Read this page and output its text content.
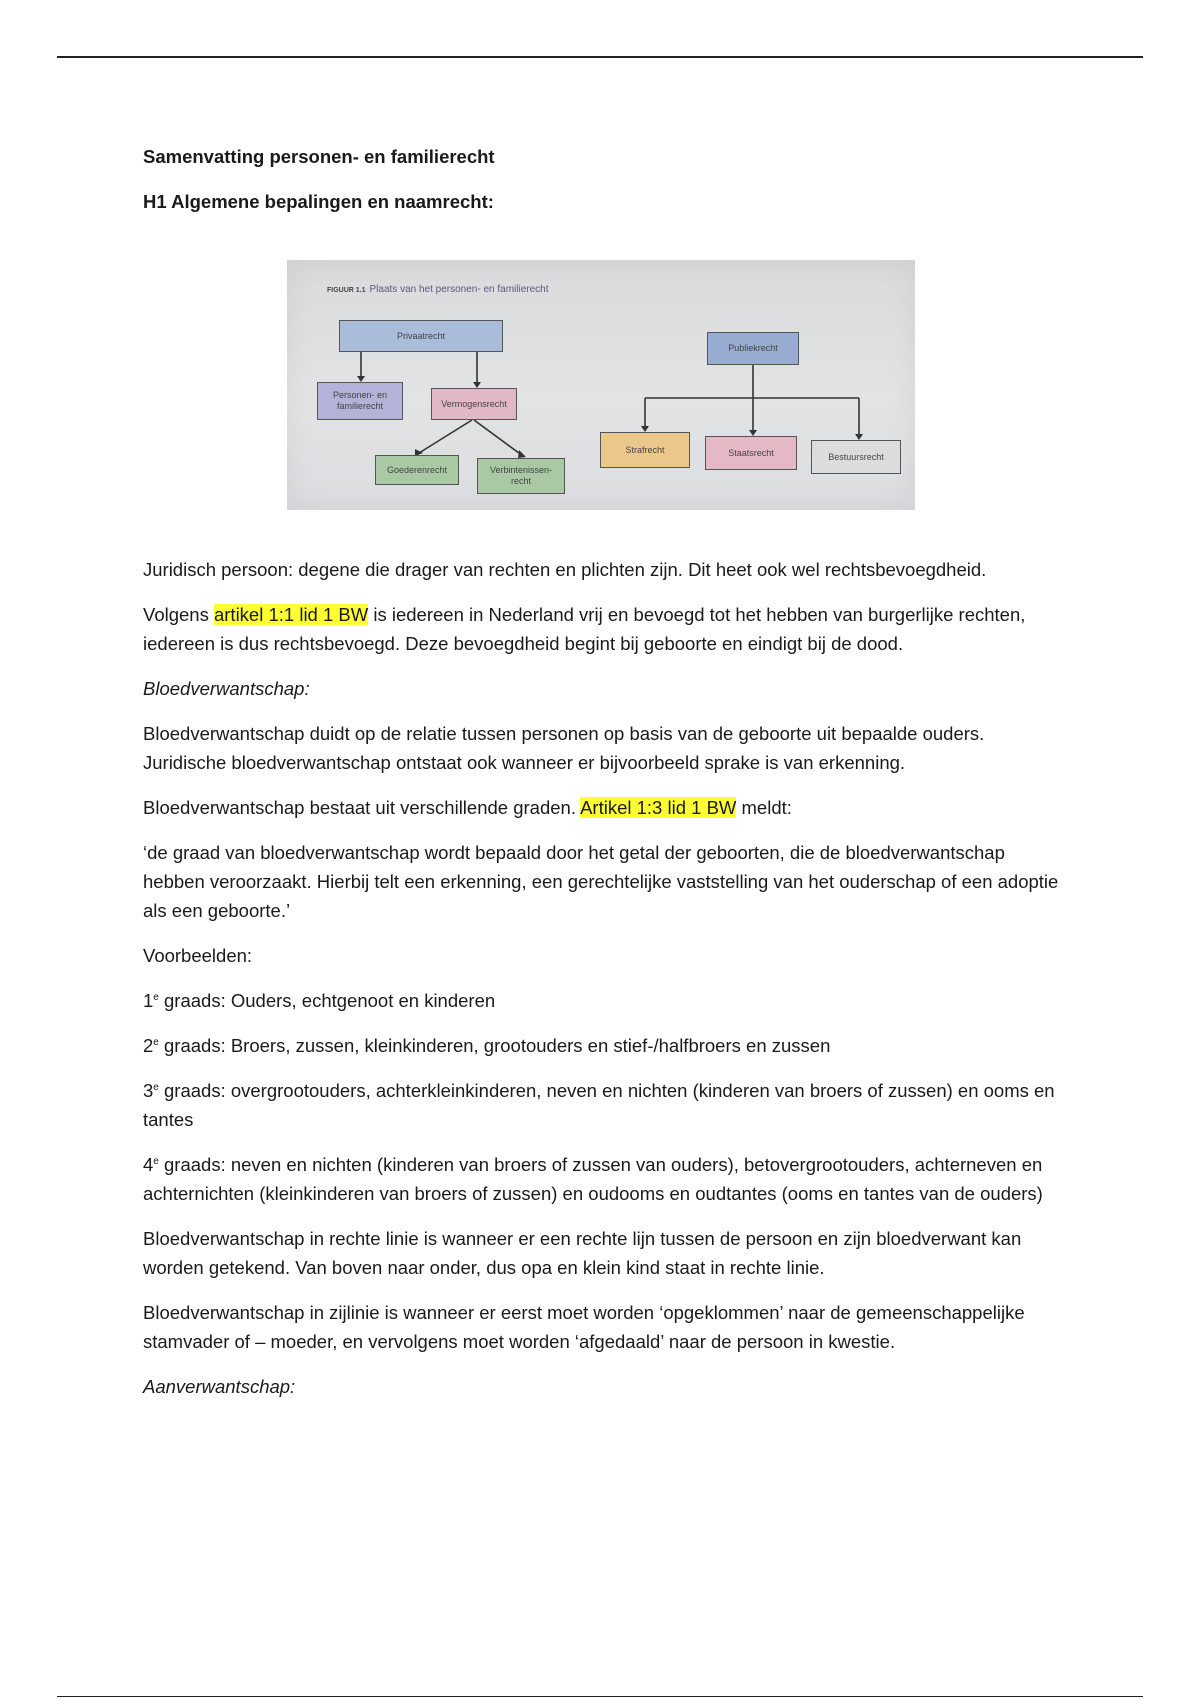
Samenvatting personen- en familierecht

H1 Algemene bepalingen en naamrecht:

FIGUUR 1.1 Plaats van het personen- en familierecht
Privaatrecht
Publiekrecht
Personen- en familierecht	Vermogensrecht
Goederenrecht	Verbintenissen-recht
Strafrecht	Staatsrecht	Bestuursrecht

Juridisch persoon: degene die drager van rechten en plichten zijn. Dit heet ook wel rechtsbevoegdheid.

Volgens artikel 1:1 lid 1 BW is iedereen in Nederland vrij en bevoegd tot het hebben van burgerlijke rechten, iedereen is dus rechtsbevoegd. Deze bevoegdheid begint bij geboorte en eindigt bij de dood.

Bloedverwantschap:

Bloedverwantschap duidt op de relatie tussen personen op basis van de geboorte uit bepaalde ouders. Juridische bloedverwantschap ontstaat ook wanneer er bijvoorbeeld sprake is van erkenning.

Bloedverwantschap bestaat uit verschillende graden. Artikel 1:3 lid 1 BW meldt:

‘de graad van bloedverwantschap wordt bepaald door het getal der geboorten, die de bloedverwantschap hebben veroorzaakt. Hierbij telt een erkenning, een gerechtelijke vaststelling van het ouderschap of een adoptie als een geboorte.’

Voorbeelden:

1e graads: Ouders, echtgenoot en kinderen

2e graads: Broers, zussen, kleinkinderen, grootouders en stief-/halfbroers en zussen

3e graads: overgrootouders, achterkleinkinderen, neven en nichten (kinderen van broers of zussen) en ooms en tantes

4e graads: neven en nichten (kinderen van broers of zussen van ouders), betovergrootouders, achterneven en achternichten (kleinkinderen van broers of zussen) en oudooms en oudtantes (ooms en tantes van de ouders)

Bloedverwantschap in rechte linie is wanneer er een rechte lijn tussen de persoon en zijn bloedverwant kan worden getekend. Van boven naar onder, dus opa en klein kind staat in rechte linie.

Bloedverwantschap in zijlinie is wanneer er eerst moet worden ‘opgeklommen’ naar de gemeenschappelijke stamvader of – moeder, en vervolgens moet worden ‘afgedaald’ naar de persoon in kwestie.

Aanverwantschap:
